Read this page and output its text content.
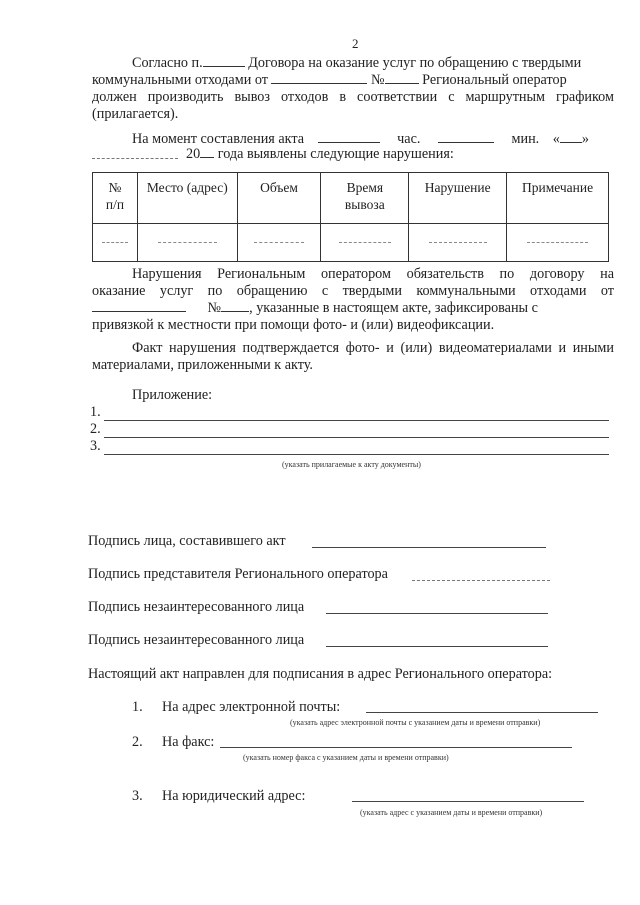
2
Согласно п.	Договора на оказание услуг по обращению с твердыми
коммунальными отходами от	№	Региональный оператор
должен производить вывоз отходов в соответствии с маршрутным графиком
(прилагается).
На момент составления акта	час.	мин. « »
20 года выявлены следующие нарушения:
№ п/п	Место (адрес)	Объем	Время вывоза	Нарушение	Примечание

Нарушения Региональным оператором обязательств по договору на
оказание услуг по обращению с твердыми коммунальными отходами от
№ , указанные в настоящем акте, зафиксированы с
привязкой к местности при помощи фото- и (или) видеофиксации.
Факт нарушения подтверждается фото- и (или) видеоматериалами и иными
материалами, приложенными к акту.
Приложение:
1.
2.
3.
(указать прилагаемые к акту документы)
Подпись лица, составившего акт
Подпись представителя Регионального оператора
Подпись незаинтересованного лица
Подпись незаинтересованного лица
Настоящий акт направлен для подписания в адрес Регионального оператора:
1. На адрес электронной почты:
(указать адрес электронной почты с указанием даты и времени отправки)
2. На факс:
(указать номер факса с указанием даты и времени отправки)
3. На юридический адрес:
(указать адрес с указанием даты и времени отправки)
